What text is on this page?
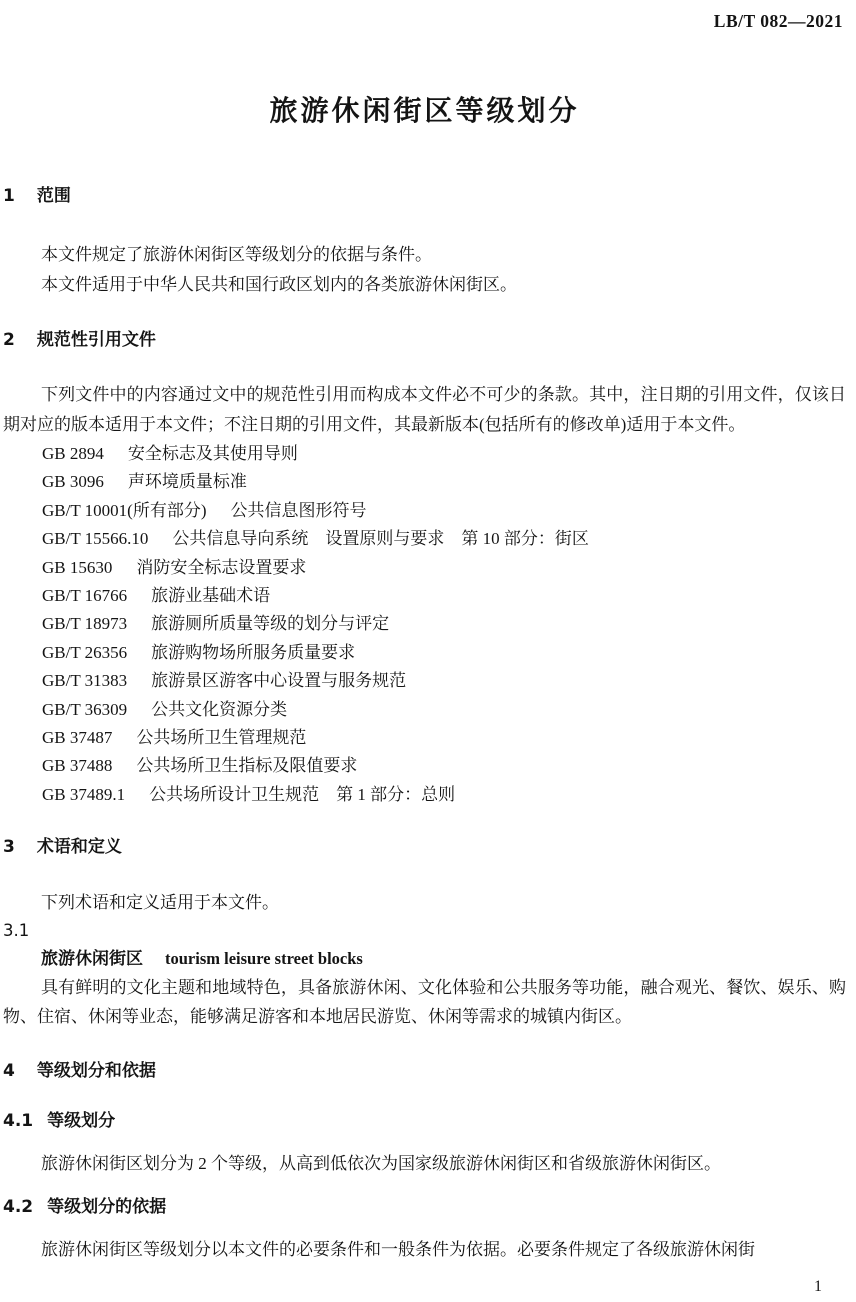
LB/T 082—2021
旅游休闲街区等级划分
1 范围

本文件规定了旅游休闲街区等级划分的依据与条件。

本文件适用于中华人民共和国行政区划内的各类旅游休闲街区。

2 规范性引用文件

下列文件中的内容通过文中的规范性引用而构成本文件必不可少的条款。其中，注日期的引用文件，仅该日期对应的版本适用于本文件；不注日期的引用文件，其最新版本(包括所有的修改单)适用于本文件。

GB 2894 安全标志及其使用导则
GB 3096 声环境质量标准
GB/T 10001(所有部分) 公共信息图形符号
GB/T 15566.10 公共信息导向系统　设置原则与要求　第 10 部分：街区
GB 15630 消防安全标志设置要求
GB/T 16766 旅游业基础术语
GB/T 18973 旅游厕所质量等级的划分与评定
GB/T 26356 旅游购物场所服务质量要求
GB/T 31383 旅游景区游客中心设置与服务规范
GB/T 36309 公共文化资源分类
GB 37487 公共场所卫生管理规范
GB 37488 公共场所卫生指标及限值要求
GB 37489.1 公共场所设计卫生规范　第 1 部分：总则
3 术语和定义

下列术语和定义适用于本文件。

3.1
旅游休闲街区 tourism leisure street blocks

具有鲜明的文化主题和地域特色，具备旅游休闲、文化体验和公共服务等功能，融合观光、餐饮、娱乐、购物、住宿、休闲等业态，能够满足游客和本地居民游览、休闲等需求的城镇内街区。

4 等级划分和依据
4.1 等级划分

旅游休闲街区划分为 2 个等级，从高到低依次为国家级旅游休闲街区和省级旅游休闲街区。

4.2 等级划分的依据

旅游休闲街区等级划分以本文件的必要条件和一般条件为依据。必要条件规定了各级旅游休闲街

1
